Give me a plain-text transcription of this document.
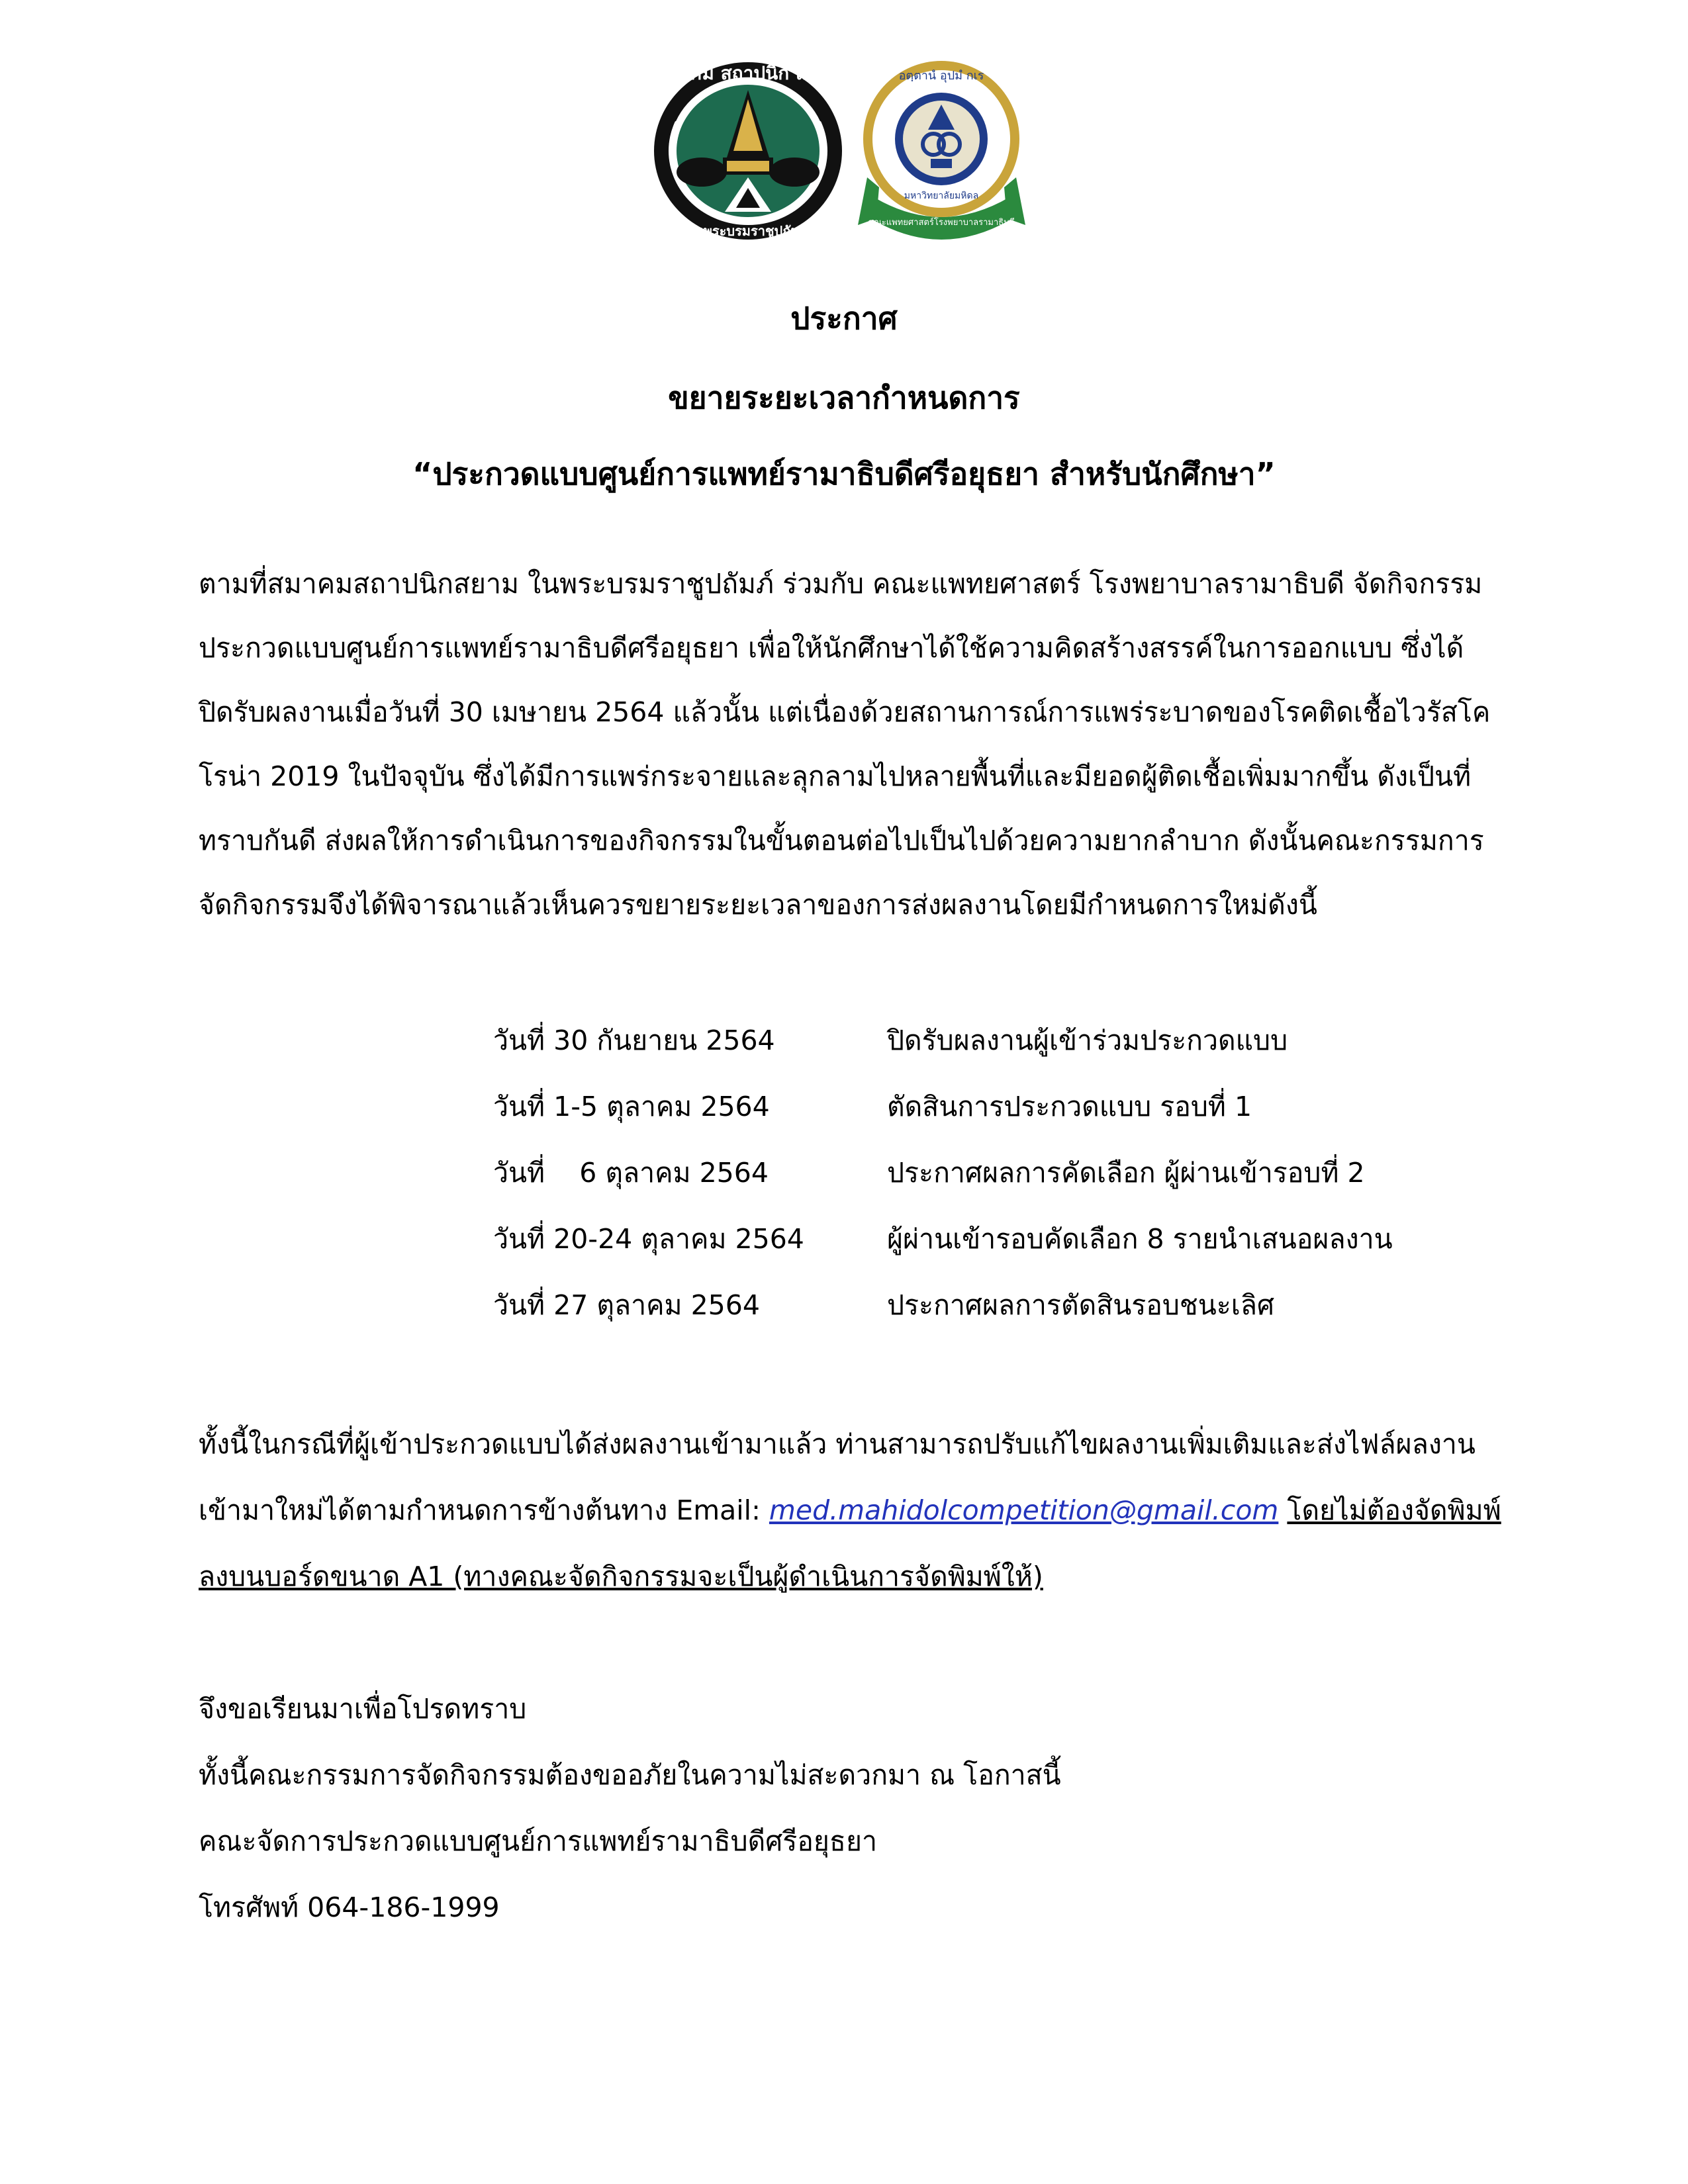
สมาคม สถาปนิก สยาม
ในพระบรมราชูปถัมภ์
อตฺตานํ อุปมํ กเร
มหาวิทยาลัยมหิดล
คณะแพทยศาสตร์โรงพยาบาลรามาธิบดี
ประกาศ
ขยายระยะเวลากำหนดการ
“ประกวดแบบศูนย์การแพทย์รามาธิบดีศรีอยุธยา สำหรับนักศึกษา”
ตามที่สมาคมสถาปนิกสยาม ในพระบรมราชูปถัมภ์ ร่วมกับ คณะแพทยศาสตร์ โรงพยาบาลรามาธิบดี จัดกิจกรรม
ประกวดแบบศูนย์การแพทย์รามาธิบดีศรีอยุธยา เพื่อให้นักศึกษาได้ใช้ความคิดสร้างสรรค์ในการออกแบบ ซึ่งได้
ปิดรับผลงานเมื่อวันที่ 30 เมษายน 2564 แล้วนั้น แต่เนื่องด้วยสถานการณ์การแพร่ระบาดของโรคติดเชื้อไวรัสโค
โรน่า 2019 ในปัจจุบัน ซึ่งได้มีการแพร่กระจายและลุกลามไปหลายพื้นที่และมียอดผู้ติดเชื้อเพิ่มมากขึ้น ดังเป็นที่
ทราบกันดี ส่งผลให้การดำเนินการของกิจกรรมในขั้นตอนต่อไปเป็นไปด้วยความยากลำบาก ดังนั้นคณะกรรมการ
จัดกิจกรรมจึงได้พิจารณาแล้วเห็นควรขยายระยะเวลาของการส่งผลงานโดยมีกำหนดการใหม่ดังนี้
วันที่ 30 กันยายน 2564	ปิดรับผลงานผู้เข้าร่วมประกวดแบบ
วันที่ 1-5 ตุลาคม 2564	ตัดสินการประกวดแบบ รอบที่ 1
วันที่    6 ตุลาคม 2564	ประกาศผลการคัดเลือก ผู้ผ่านเข้ารอบที่ 2
วันที่ 20-24 ตุลาคม 2564	ผู้ผ่านเข้ารอบคัดเลือก 8 รายนำเสนอผลงาน
วันที่ 27 ตุลาคม 2564	ประกาศผลการตัดสินรอบชนะเลิศ
ทั้งนี้ในกรณีที่ผู้เข้าประกวดแบบได้ส่งผลงานเข้ามาแล้ว ท่านสามารถปรับแก้ไขผลงานเพิ่มเติมและส่งไฟล์ผลงาน
เข้ามาใหม่ได้ตามกำหนดการข้างต้นทาง Email: med.mahidolcompetition@gmail.com โดยไม่ต้องจัดพิมพ์
ลงบนบอร์ดขนาด A1 (ทางคณะจัดกิจกรรมจะเป็นผู้ดำเนินการจัดพิมพ์ให้)
จึงขอเรียนมาเพื่อโปรดทราบ
ทั้งนี้คณะกรรมการจัดกิจกรรมต้องขออภัยในความไม่สะดวกมา ณ โอกาสนี้
คณะจัดการประกวดแบบศูนย์การแพทย์รามาธิบดีศรีอยุธยา
โทรศัพท์ 064-186-1999
